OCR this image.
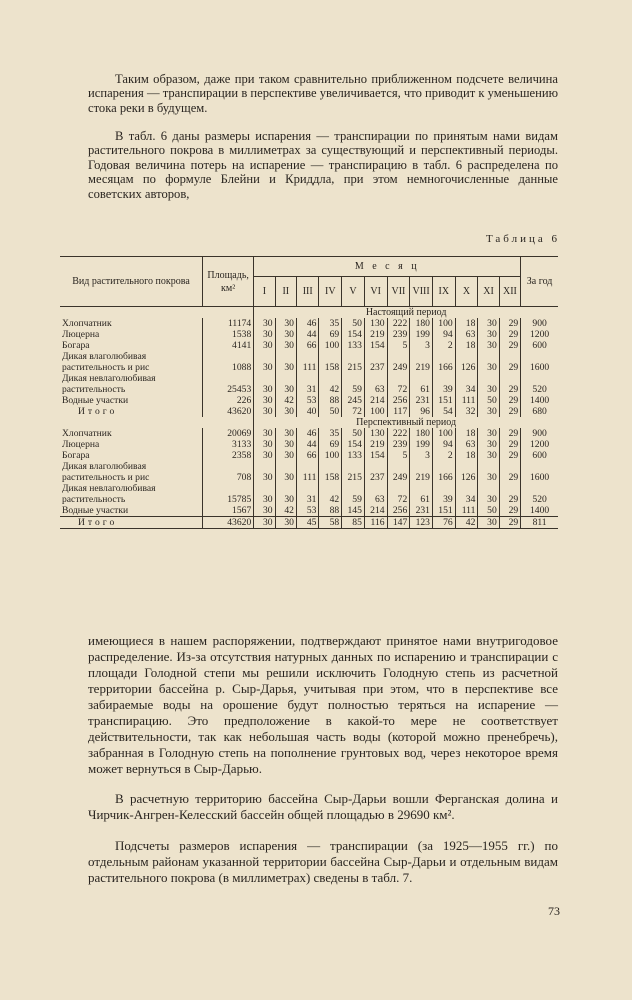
Таким образом, даже при таком сравнительно приближенном подсчете величина испарения — транспирации в перспективе увеличивается, что приводит к уменьшению стока реки в будущем.

В табл. 6 даны размеры испарения — транспирации по принятым нами видам растительного покрова в миллиметрах за существующий и перспективный периоды. Годовая величина потерь на испарение — транспирацию в табл. 6 распределена по месяцам по формуле Блейни и Криддла, при этом немногочисленные данные советских авторов,

Таблица 6
Вид растительного покрова	Площадь, км²	М е с я ц												За год
		I	II	III	IV	V	VI	VII	VIII	IX	X	XI	XII	
		Настоящий период												
Хлопчатник	11174	30	30	46	35	50	130	222	180	100	18	30	29	900
Люцерна	1538	30	30	44	69	154	219	239	199	94	63	30	29	1200
Богара	4141	30	30	66	100	133	154	5	3	2	18	30	29	600
Дикая влаголюбивая растительность и рис	1088	30	30	111	158	215	237	249	219	166	126	30	29	1600
Дикая невлаголюбивая растительность	25453	30	30	31	42	59	63	72	61	39	34	30	29	520
Водные участки	226	30	42	53	88	245	214	256	231	151	111	50	29	1400
Итого	43620	30	30	40	50	72	100	117	96	54	32	30	29	680
		Перспективный период												
Хлопчатник	20069	30	30	46	35	50	130	222	180	100	18	30	29	900
Люцерна	3133	30	30	44	69	154	219	239	199	94	63	30	29	1200
Богара	2358	30	30	66	100	133	154	5	3	2	18	30	29	600
Дикая влаголюбивая растительность и рис	708	30	30	111	158	215	237	249	219	166	126	30	29	1600
Дикая невлаголюбивая растительность	15785	30	30	31	42	59	63	72	61	39	34	30	29	520
Водные участки	1567	30	42	53	88	145	214	256	231	151	111	50	29	1400
Итого	43620	30	30	45	58	85	116	147	123	76	42	30	29	811

имеющиеся в нашем распоряжении, подтверждают принятое нами внутригодовое распределение. Из-за отсутствия натурных данных по испарению и транспирации с площади Голодной степи мы решили исключить Голодную степь из расчетной территории бассейна р. Сыр-Дарья, учитывая при этом, что в перспективе все забираемые воды на орошение будут полностью теряться на испарение — транспирацию. Это предположение в какой-то мере не соответствует действительности, так как небольшая часть воды (которой можно пренебречь), забранная в Голодную степь на пополнение грунтовых вод, через некоторое время может вернуться в Сыр-Дарью.

В расчетную территорию бассейна Сыр-Дарьи вошли Ферганская долина и Чирчик-Ангрен-Келесский бассейн общей площадью в 29690 км².

Подсчеты размеров испарения — транспирации (за 1925—1955 гг.) по отдельным районам указанной территории бассейна Сыр-Дарьи и отдельным видам растительного покрова (в миллиметрах) сведены в табл. 7.

73
